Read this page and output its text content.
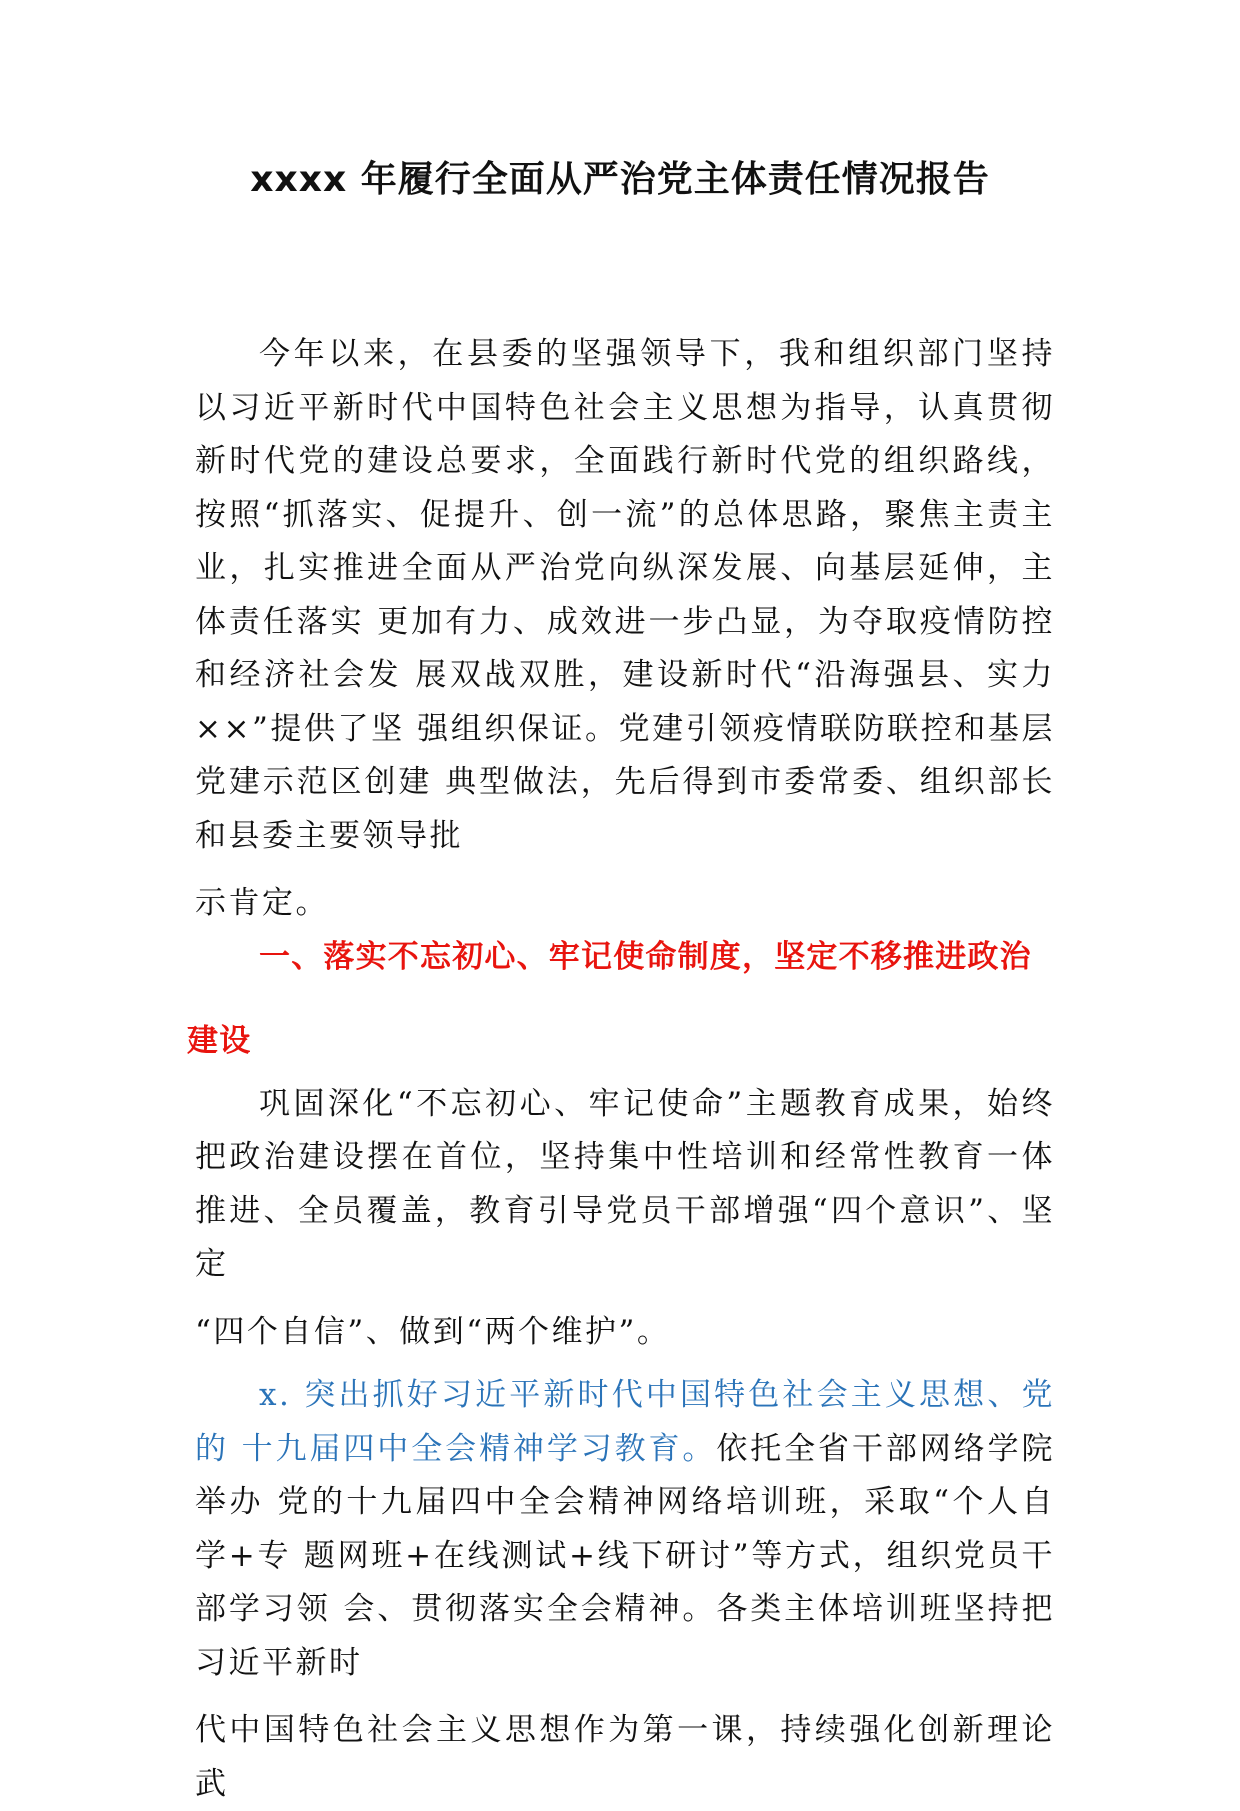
xxxx 年履行全面从严治党主体责任情况报告

今年以来，在县委的坚强领导下，我和组织部门坚持以习近平新时代中国特色社会主义思想为指导，认真贯彻新时代党的建设总要求，全面践行新时代党的组织路线，按照“抓落实、促提升、创一流”的总体思路，聚焦主责主业，扎实推进全面从严治党向纵深发展、向基层延伸，主体责任落实 更加有力、成效进一步凸显，为夺取疫情防控和经济社会发 展双战双胜，建设新时代“沿海强县、实力××”提供了坚 强组织保证。党建引领疫情联防联控和基层党建示范区创建 典型做法，先后得到市委常委、组织部长和县委主要领导批

示肯定。

一、落实不忘初心、牢记使命制度，坚定不移推进政治
建设

巩固深化“不忘初心、牢记使命”主题教育成果，始终把政治建设摆在首位，坚持集中性培训和经常性教育一体推进、全员覆盖，教育引导党员干部增强“四个意识”、坚定

“四个自信”、做到“两个维护”。

x. 突出抓好习近平新时代中国特色社会主义思想、党的 十九届四中全会精神学习教育。依托全省干部网络学院举办 党的十九届四中全会精神网络培训班，采取“个人自学+专 题网班+在线测试+线下研讨”等方式，组织党员干部学习领 会、贯彻落实全会精神。各类主体培训班坚持把习近平新时

代中国特色社会主义思想作为第一课，持续强化创新理论武
